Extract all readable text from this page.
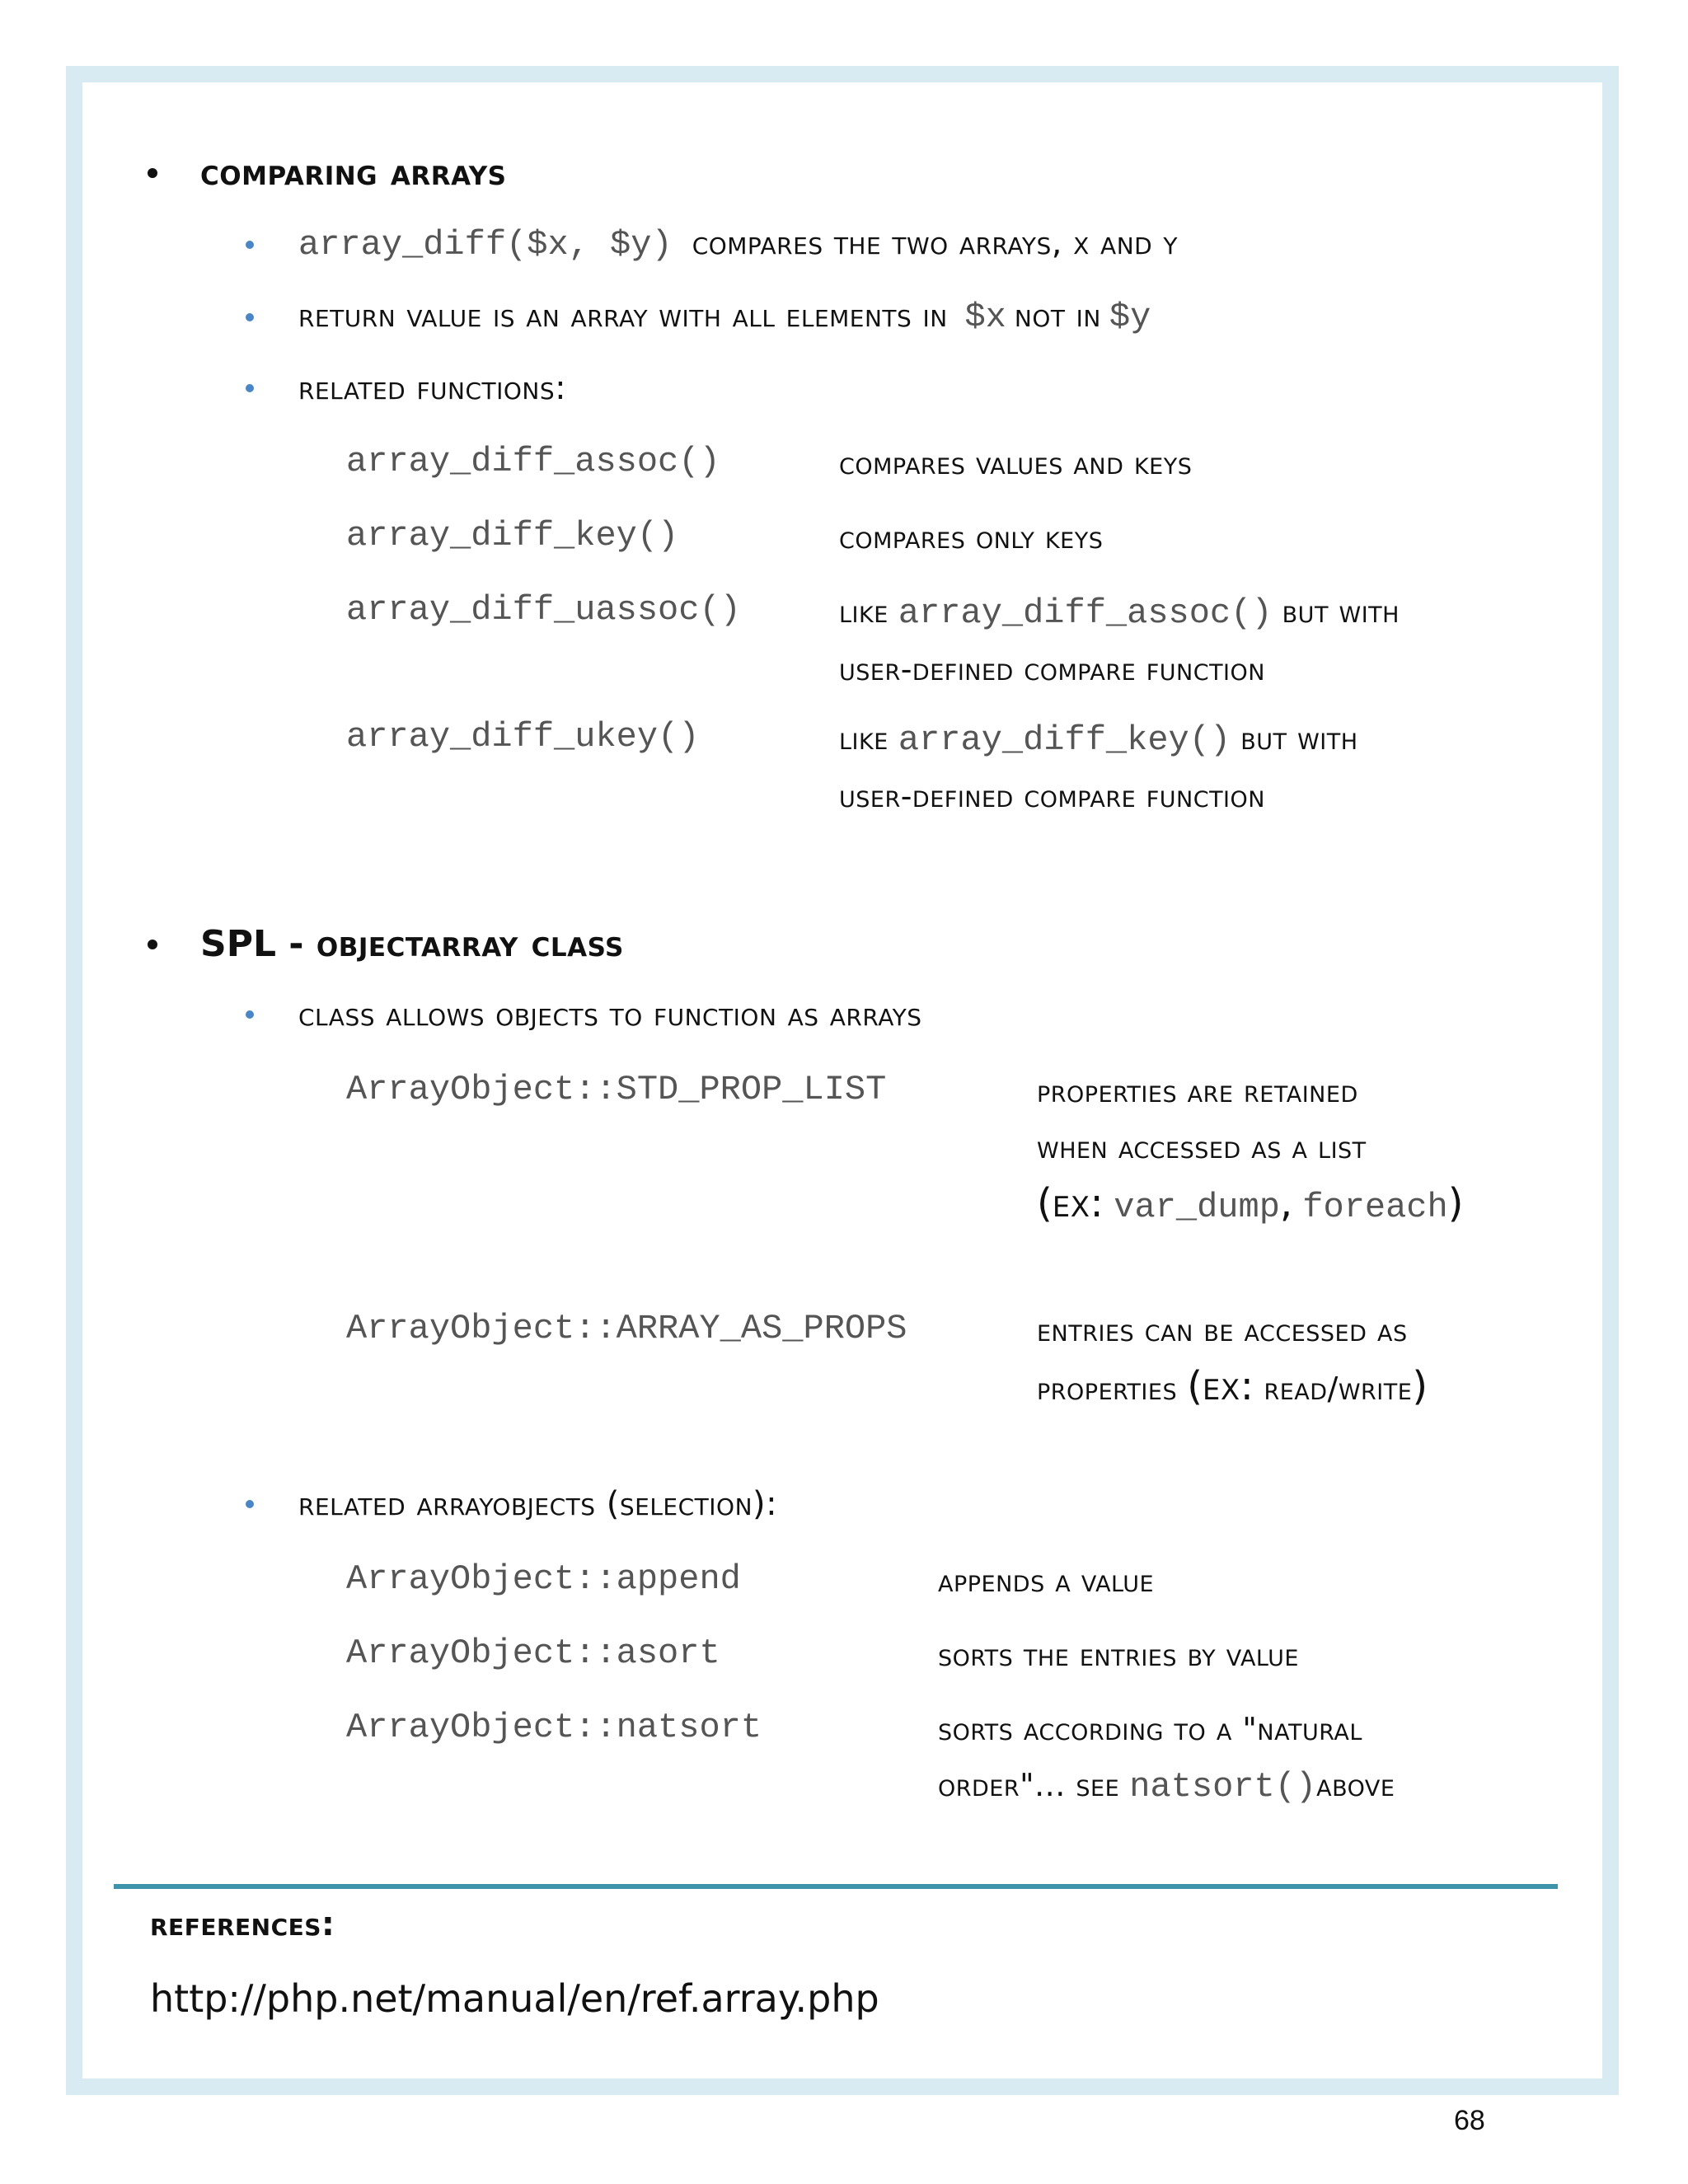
comparing arrays
array_diff($x, $y) compares the two arrays, x and y
return value is an array with all elements in $x not in $y
related functions:
array_diff_assoc()	compares values and keys
array_diff_key()	compares only keys
array_diff_uassoc()	like array_diff_assoc() but with
user-defined compare function
array_diff_ukey()	like array_diff_key() but with
user-defined compare function
SPL - objectarray class
class allows objects to function as arrays
ArrayObject::STD_PROP_LIST	properties are retained
when accessed as a list
(ex: var_dump, foreach)
ArrayObject::ARRAY_AS_PROPS	entries can be accessed as
properties (ex: read/write)
related arrayobjects (selection):
ArrayObject::append	appends a value
ArrayObject::asort	sorts the entries by value
ArrayObject::natsort	sorts according to a "natural
order"... see natsort()above
references:
http://php.net/manual/en/ref.array.php
68
